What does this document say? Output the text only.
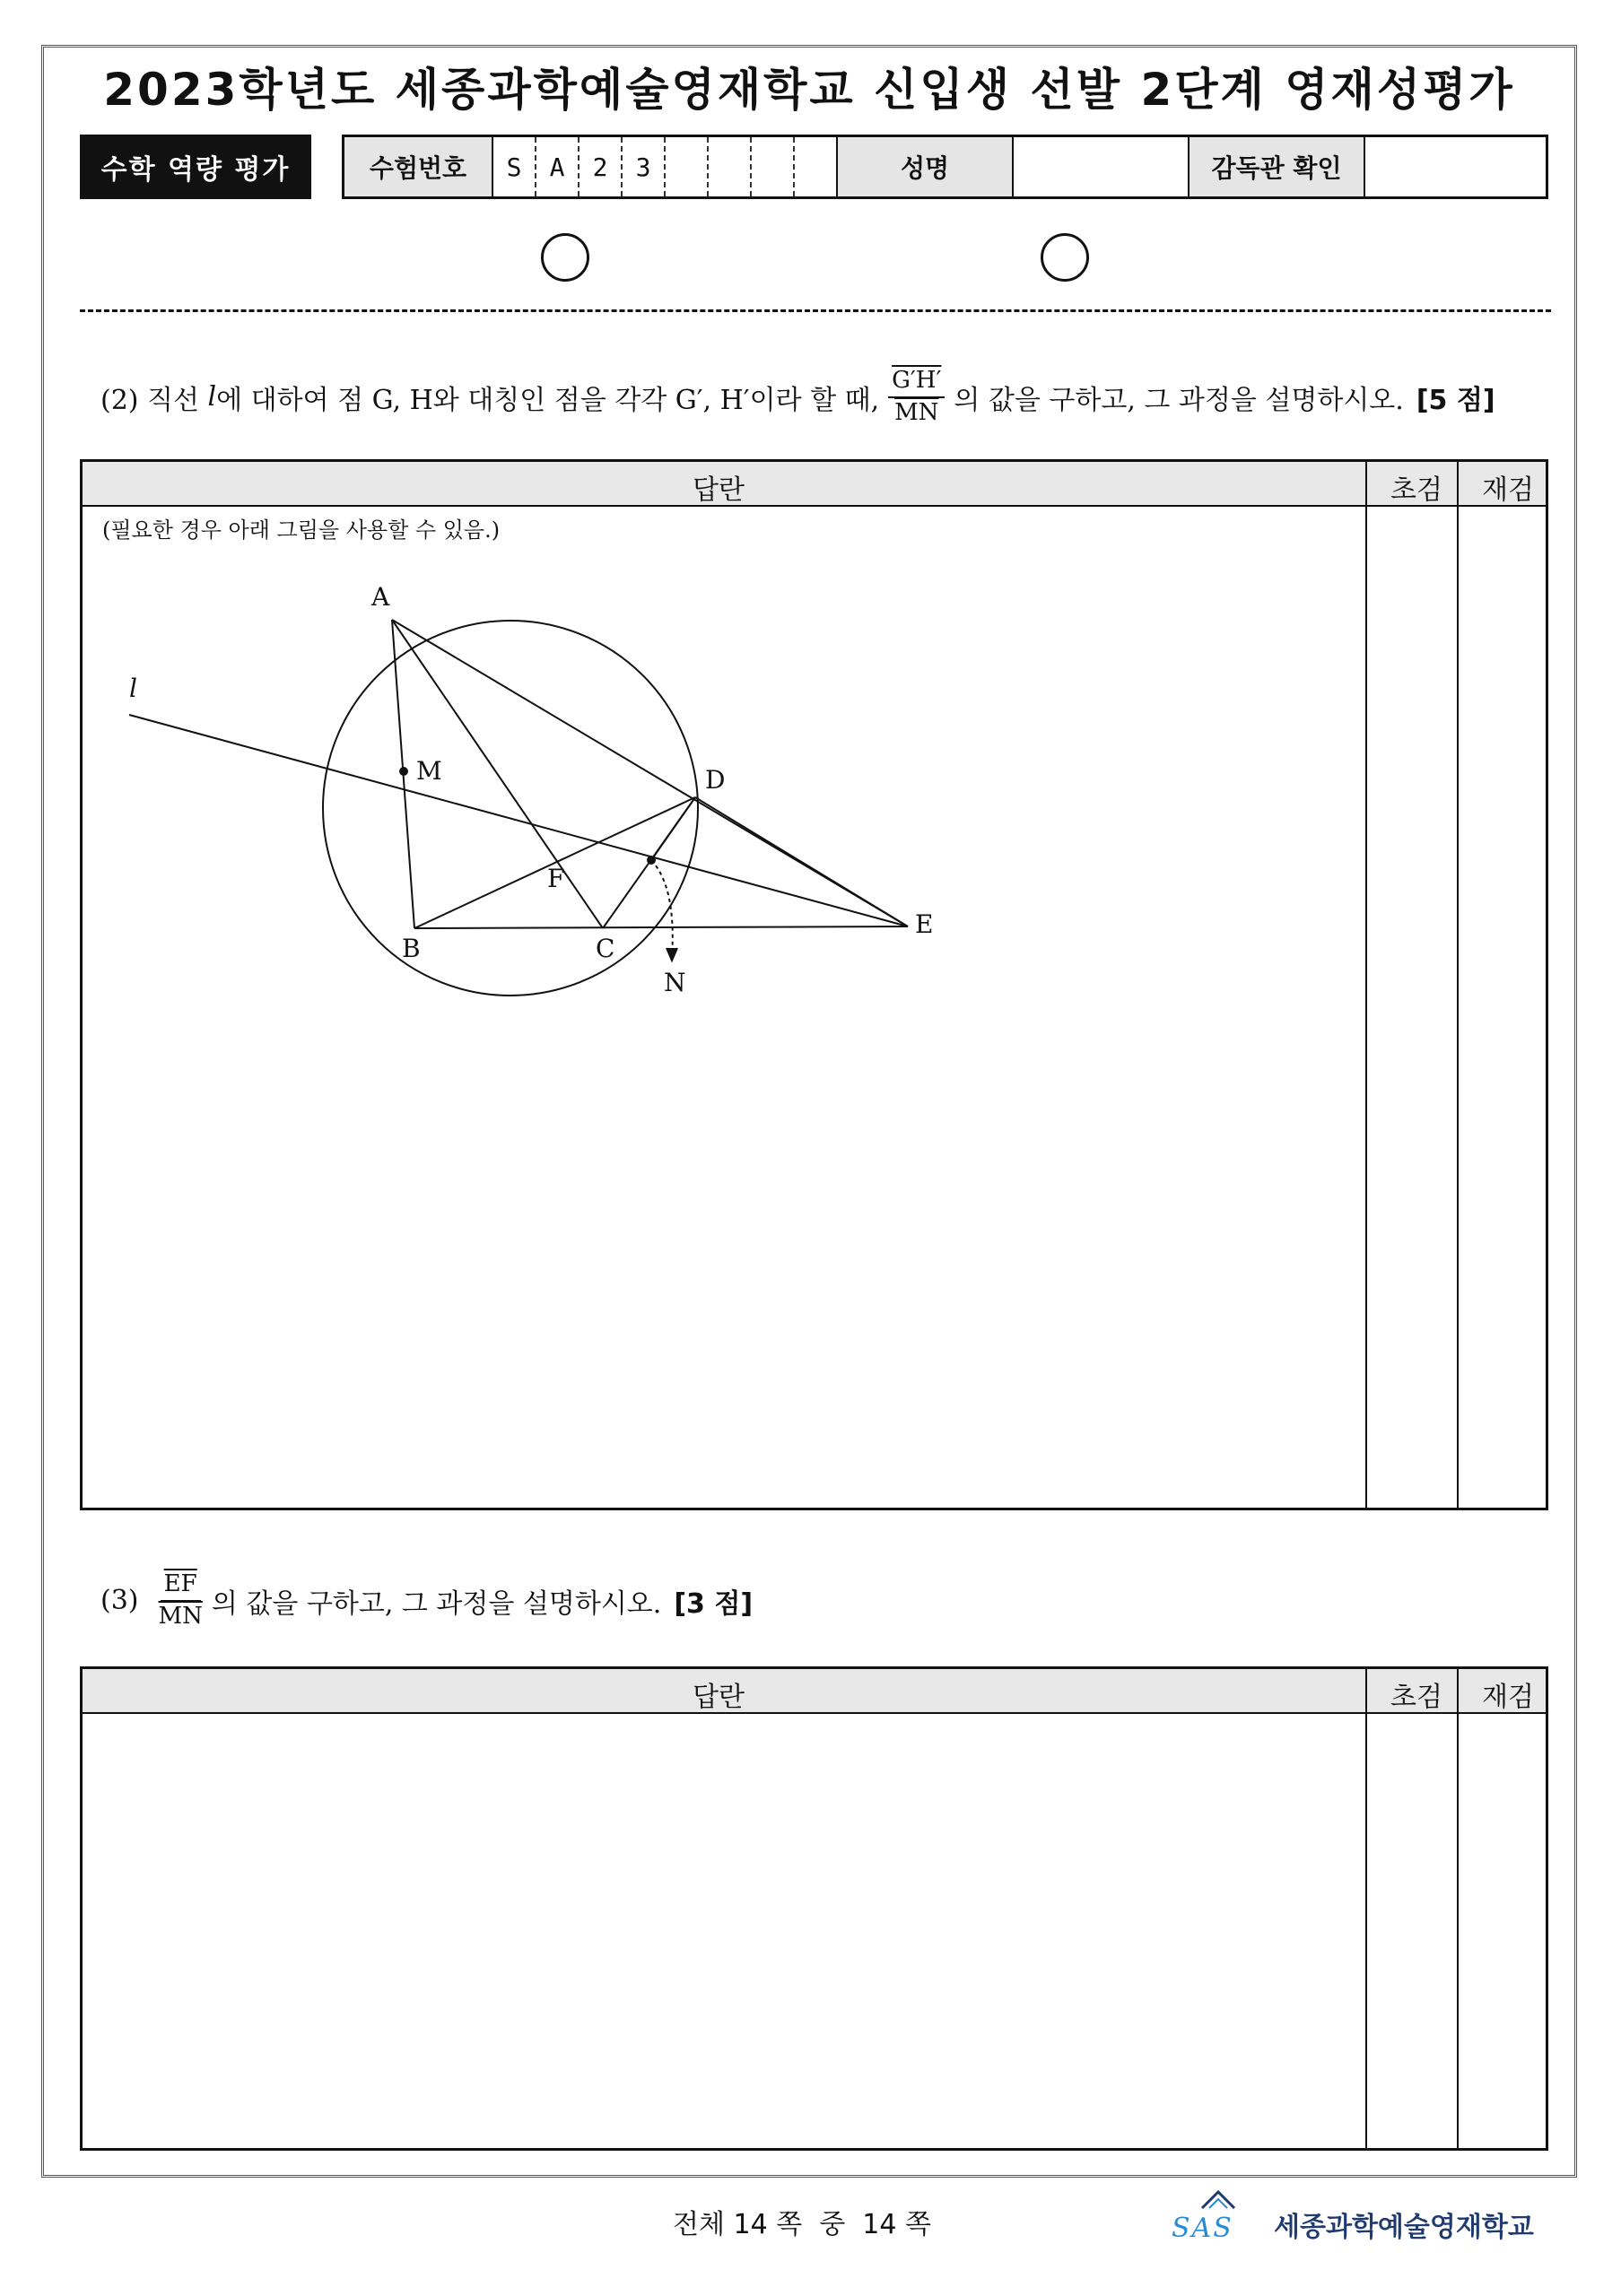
2023학년도 세종과학예술영재학교 신입생 선발 2단계 영재성평가
수학 역량 평가	수험번호	S	A	2	3	성명	감독관 확인
(2) 직선 l 에 대하여 점 G, H와 대칭인 점을 각각 G′, H′이라 할 때, $\frac{G'H'}{MN}$ 의 값을 구하고, 그 과정을 설명하시오. [5 점]
답란	초검 재검
(필요한 경우 아래 그림을 사용할 수 있음.)
A
B	C
D
E
F
M
N
l
$(3) \frac{\overline{EF}}{MN}$ 의 값을 구하고, 그 과정을 설명하시오. [3 점]
답란	초검 재검
전체 14 쪽  중  14 쪽	SAS 세종과학예술영재학교
